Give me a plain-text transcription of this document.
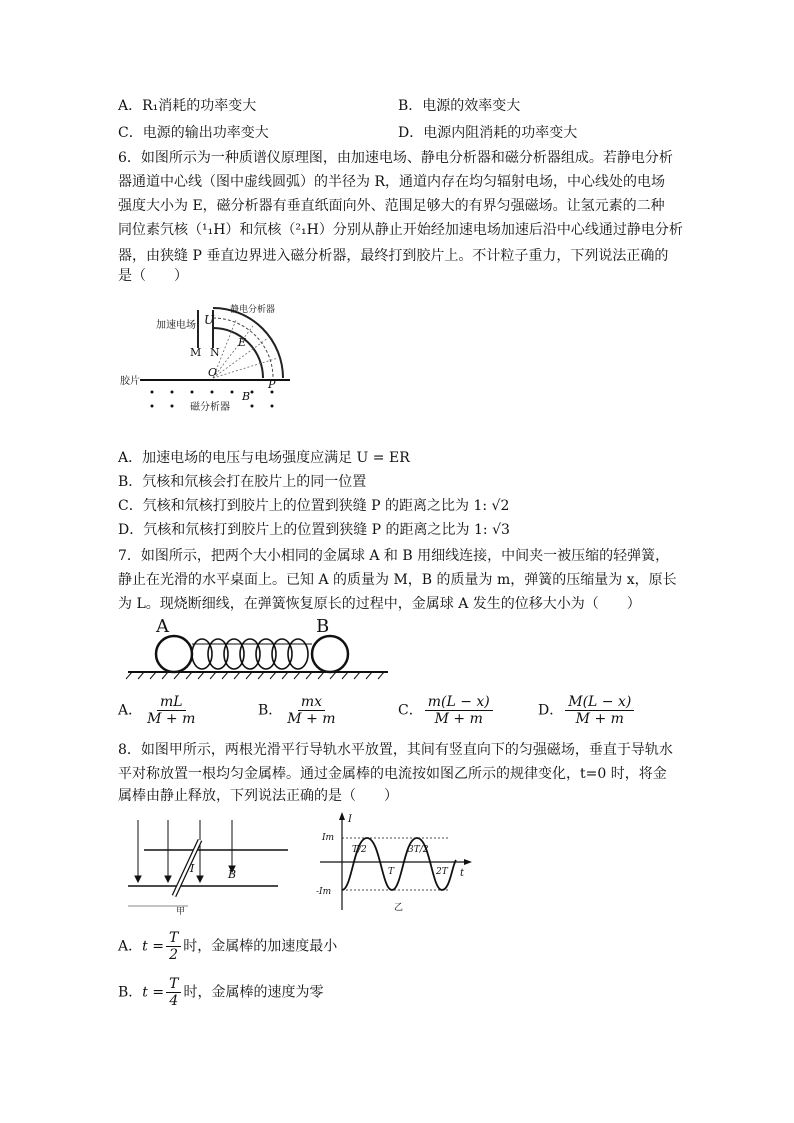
A．R₁消耗的功率变大	B．电源的效率变大
C．电源的输出功率变大	D．电源内阻消耗的功率变大
6．如图所示为一种质谱仪原理图，由加速电场、静电分析器和磁分析器组成。若静电分析
器通道中心线（图中虚线圆弧）的半径为 R，通道内存在均匀辐射电场，中心线处的电场
强度大小为 E，磁分析器有垂直纸面向外、范围足够大的有界匀强磁场。让氢元素的二种
同位素氕核（¹₁H）和氘核（²₁H）分别从静止开始经加速电场加速后沿中心线通过静电分析
器，由狭缝 P 垂直边界进入磁分析器，最终打到胶片上。不计粒子重力，下列说法正确的
是（　　）
加速电场 U
M N
E
静电分析器
O
P
胶片
B
磁分析器
A．加速电场的电压与电场强度应满足 U = ER
B．氕核和氘核会打在胶片上的同一位置
C．氕核和氘核打到胶片上的位置到狭缝 P 的距离之比为 1: √2
D．氕核和氘核打到胶片上的位置到狭缝 P 的距离之比为 1: √3
7．如图所示，把两个大小相同的金属球 A 和 B 用细线连接，中间夹一被压缩的轻弹簧，
静止在光滑的水平桌面上。已知 A 的质量为 M，B 的质量为 m，弹簧的压缩量为 x，原长
为 L。现烧断细线，在弹簧恢复原长的过程中，金属球 A 发生的位移大小为（　　）
A	B
A． $\frac{mL}{M + m}$	B． $\frac{mx}{M + m}$	C． $\frac{m(L - x)}{M + m}$	D． $\frac{M(L - x)}{M + m}$
8．如图甲所示，两根光滑平行导轨水平放置，其间有竖直向下的匀强磁场，垂直于导轨水
平对称放置一根均匀金属棒。通过金属棒的电流按如图乙所示的规律变化，t=0 时，将金
属棒由静止释放，下列说法正确的是（　　）
I	B
甲
I
t
Im
-Im
T/2
T
3T/2
2T
乙
A．$t = \frac{T}{2}$ 时，金属棒的加速度最小
B．$t = \frac{T}{4}$ 时，金属棒的速度为零
